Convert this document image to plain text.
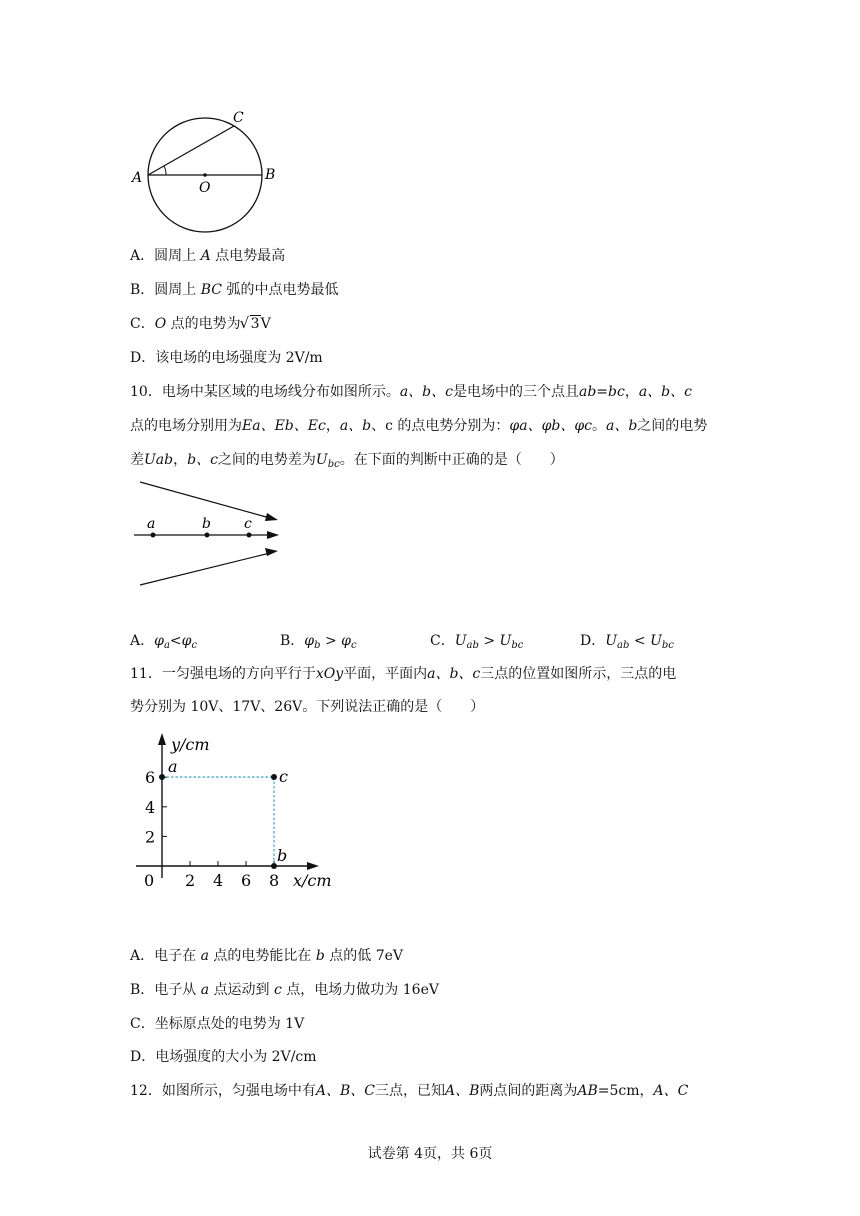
C
A
O
B
A．圆周上 A 点电势最高
B．圆周上 BC 弧的中点电势最低
C．O 点的电势为√ 3V
D．该电场的电场强度为 2V/m
10．电场中某区域的电场线分布如图所示。a、b、c是电场中的三个点且ab=bc，a、b、c
点的电场分别用为Ea、Eb、Ec，a、b、c 的点电势分别为：φa、φb、φc。a、b之间的电势
差Uab，b、c之间的电势差为$U_{bc}$。在下面的判断中正确的是（　　）
a	b c
A．$\varphi_a<\varphi_c$	B．$\varphi_b > \varphi_c$	C．$U_{ab} > U_{bc}$	D．$U_{ab} < U_{bc}$
11．一匀强电场的方向平行于xOy平面，平面内a、b、c三点的位置如图所示，三点的电
势分别为 10V、17V、26V。下列说法正确的是（　　）
y/cm
x/cm
0
2
4
6
2 4 6 8
a
c
b
A．电子在 a 点的电势能比在 b 点的低 7eV
B．电子从 a 点运动到 c 点，电场力做功为 16eV
C．坐标原点处的电势为 1V
D．电场强度的大小为 2V/cm
12．如图所示，匀强电场中有A、B、C三点，已知A、B两点间的距离为AB=5cm，A、C
试卷第 4页，共 6页
